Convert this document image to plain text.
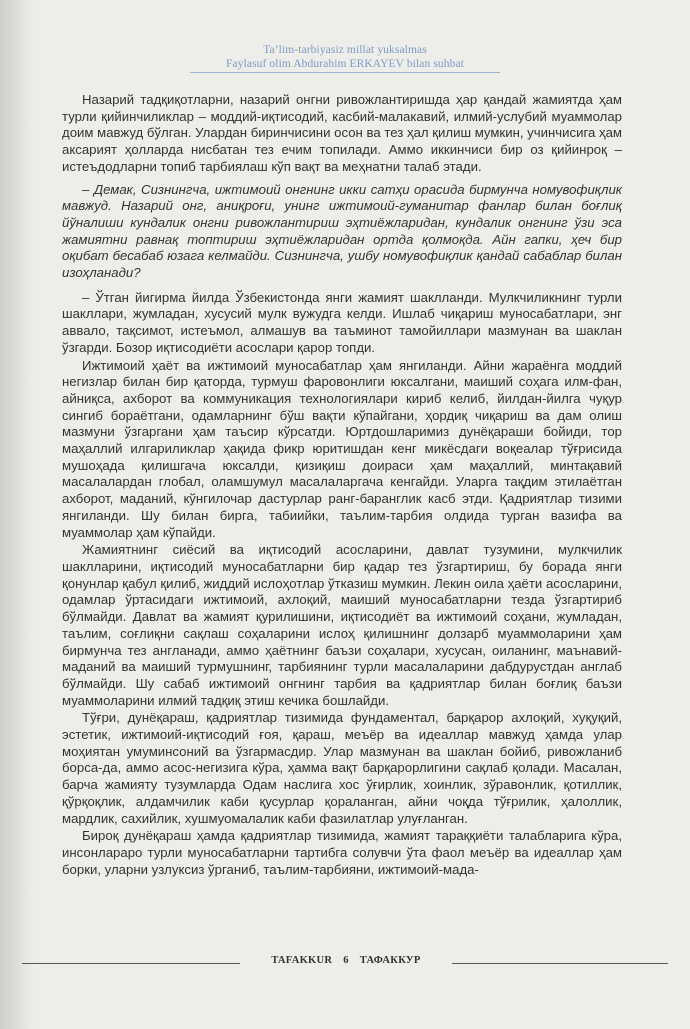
Ta’lim-tarbiyasiz millat yuksalmas
Faylasuf olim Abdurahim ERKAYEV bilan suhbat

Назарий тадқиқотларни, назарий онгни ривожлантиришда ҳар қандай жамиятда ҳам турли қийинчиликлар – моддий-иқтисодий, касбий-малакавий, илмий-услубий муаммолар доим мавжуд бўлган. Улардан биринчисини осон ва тез ҳал қилиш мумкин, учинчисига ҳам аксарият ҳолларда нисбатан тез ечим топилади. Аммо иккинчиси бир оз қийинроқ – истеъдодларни топиб тарбиялаш кўп вақт ва меҳнатни талаб этади.

– Демак, Сизнингча, ижтимоий онгнинг икки сатҳи орасида бирмунча номувофиқлик мавжуд. Назарий онг, аниқроғи, унинг ижтимоий-гуманитар фанлар билан боғлиқ йўналиши кундалик онгни ривожлантириш эҳтиёжларидан, кундалик онгнинг ўзи эса жамиятни равнақ топтириш эҳтиёжларидан ортда қолмоқда. Айн гапки, ҳеч бир оқибат бесабаб юзага келмайди. Сизнингча, ушбу номувофиқлик қандай сабаблар билан изоҳланади?

– Ўтган йигирма йилда Ўзбекистонда янги жамият шаклланди. Мулкчиликнинг турли шакллари, жумладан, хусусий мулк вужудга келди. Ишлаб чиқариш муносабатлари, энг аввало, тақсимот, истеъмол, алмашув ва таъминот тамойиллари мазмунан ва шаклан ўзгарди. Бозор иқтисодиёти асослари қарор топди.

Ижтимоий ҳаёт ва ижтимоий муносабатлар ҳам янгиланди. Айни жараёнга моддий негизлар билан бир қаторда, турмуш фаровонлиги юксалгани, маиший соҳага илм-фан, айниқса, ахборот ва коммуникация технологиялари кириб келиб, йилдан-йилга чуқур сингиб бораётгани, одамларнинг бўш вақти кўпайгани, ҳордиқ чиқариш ва дам олиш мазмуни ўзгаргани ҳам таъсир кўрсатди. Юртдошларимиз дунёқараши бойиди, тор маҳаллий илгариликлар ҳақида фикр юритишдан кенг микёсдаги воқеалар тўғрисида мушоҳада қилишгача юксалди, қизиқиш доираси ҳам маҳаллий, минтақавий масалалардан глобал, оламшумул масалаларгача кенгайди. Уларга тақдим этилаётган ахборот, маданий, кўнгилочар дастурлар ранг-баранглик касб этди. Қадриятлар тизими янгиланди. Шу билан бирга, табиийки, таълим-тарбия олдида турган вазифа ва муаммолар ҳам кўпайди.

Жамиятнинг сиёсий ва иқтисодий асосларини, давлат тузумини, мулкчилик шаклларини, иқтисодий муносабатларни бир қадар тез ўзгартириш, бу борада янги қонунлар қабул қилиб, жиддий ислоҳотлар ўтказиш мумкин. Лекин оила ҳаёти асосларини, одамлар ўртасидаги ижтимоий, ахлоқий, маиший муносабатларни тезда ўзгартириб бўлмайди. Давлат ва жамият қурилишини, иқтисодиёт ва ижтимоий соҳани, жумладан, таълим, соғлиқни сақлаш соҳаларини ислоҳ қилишнинг долзарб муаммоларини ҳам бирмунча тез англанади, аммо ҳаётнинг баъзи соҳалари, хусусан, оиланинг, маънавий-маданий ва маиший турмушнинг, тарбиянинг турли масалаларини дабдурустдан англаб бўлмайди. Шу сабаб ижтимоий онгнинг тарбия ва қадриятлар билан боғлиқ баъзи муаммоларини илмий тадқиқ этиш кечика бошлайди.

Тўғри, дунёқараш, қадриятлар тизимида фундаментал, барқарор ахлоқий, хуқуқий, эстетик, ижтимоий-иқтисодий ғоя, қараш, меъёр ва идеаллар мавжуд ҳамда улар моҳиятан умуминсоний ва ўзгармасдир. Улар мазмунан ва шаклан бойиб, ривожланиб борса-да, аммо асос-негизига кўра, ҳамма вақт барқарорлигини сақлаб қолади. Масалан, барча жамияту тузумларда Одам наслига хос ўғирлик, хоинлик, зўравонлик, қотиллик, қўрқоқлик, алдамчилик каби қусурлар қораланган, айни чоқда тўғрилик, ҳалоллик, мардлик, сахийлик, хушмуомалалик каби фазилатлар улуғланган.

Бироқ дунёқараш ҳамда қадриятлар тизимида, жамият тараққиёти талабларига кўра, инсонлараро турли муносабатларни тартибга солувчи ўта фаол меъёр ва идеаллар ҳам борки, уларни узлуксиз ўрганиб, таълим-тарбияни, ижтимоий-мада-

TAFAKKUR 6 ТАФАККУР
